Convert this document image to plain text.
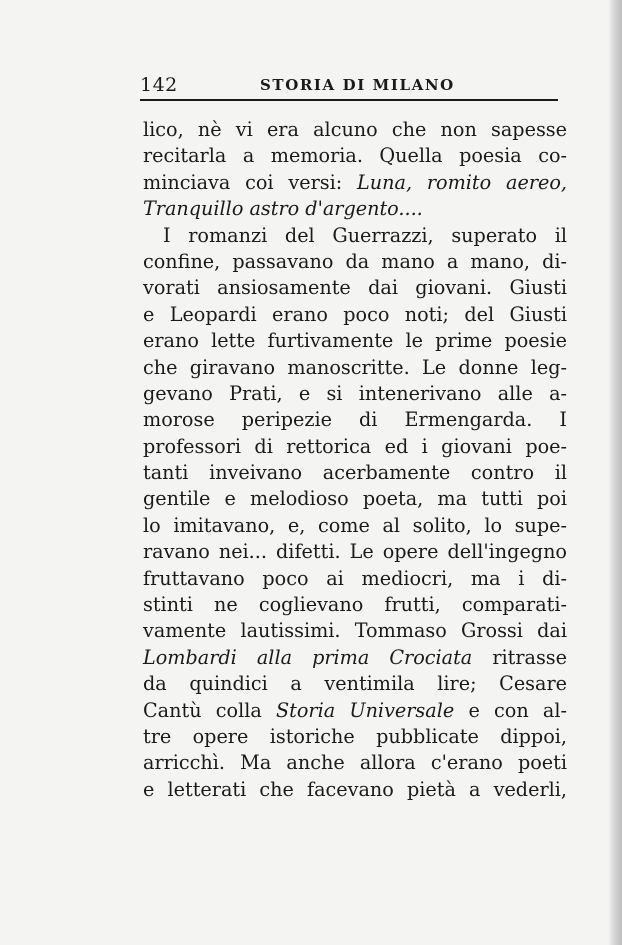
142	STORIA DI MILANO
lico, nè vi era alcuno che non sapesse
recitarla a memoria. Quella poesia co-
minciava coi versi: Luna, romito aereo,
Tranquillo astro d'argento....
I romanzi del Guerrazzi, superato il
confine, passavano da mano a mano, di-
vorati ansiosamente dai giovani. Giusti
e Leopardi erano poco noti; del Giusti
erano lette furtivamente le prime poesie
che giravano manoscritte. Le donne leg-
gevano Prati, e si intenerivano alle a-
morose peripezie di Ermengarda. I
professori di rettorica ed i giovani poe-
tanti inveivano acerbamente contro il
gentile e melodioso poeta, ma tutti poi
lo imitavano, e, come al solito, lo supe-
ravano nei... difetti. Le opere dell'ingegno
fruttavano poco ai mediocri, ma i di-
stinti ne coglievano frutti, comparati-
vamente lautissimi. Tommaso Grossi dai
Lombardi alla prima Crociata ritrasse
da quindici a ventimila lire; Cesare
Cantù colla Storia Universale e con al-
tre opere istoriche pubblicate dippoi,
arricchì. Ma anche allora c'erano poeti
e letterati che facevano pietà a vederli,
